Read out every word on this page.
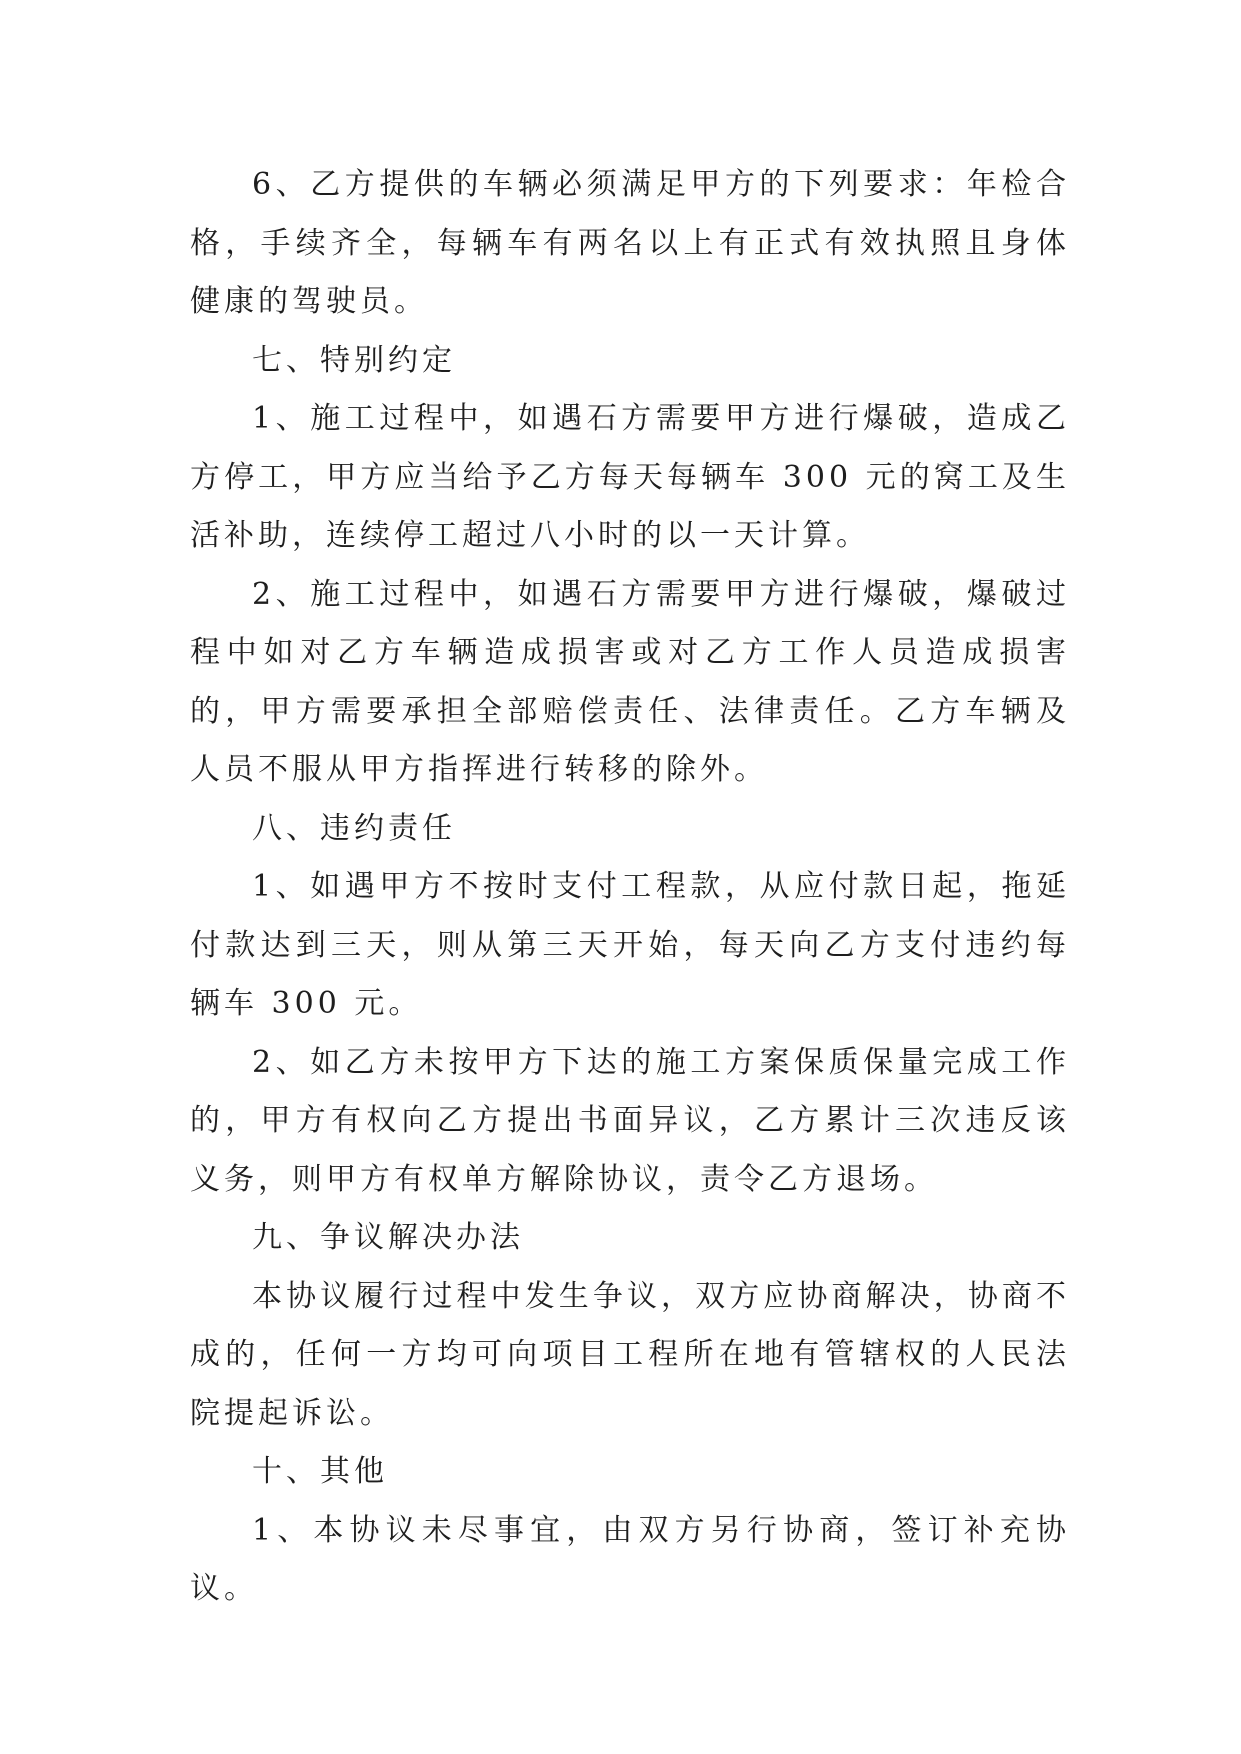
6、乙方提供的车辆必须满足甲方的下列要求：年检合格，手续齐全，每辆车有两名以上有正式有效执照且身体健康的驾驶员。

七、特别约定

1、施工过程中，如遇石方需要甲方进行爆破，造成乙方停工，甲方应当给予乙方每天每辆车 300 元的窝工及生活补助，连续停工超过八小时的以一天计算。

2、施工过程中，如遇石方需要甲方进行爆破，爆破过程中如对乙方车辆造成损害或对乙方工作人员造成损害的，甲方需要承担全部赔偿责任、法律责任。乙方车辆及人员不服从甲方指挥进行转移的除外。

八、违约责任

1、如遇甲方不按时支付工程款，从应付款日起，拖延付款达到三天，则从第三天开始，每天向乙方支付违约每辆车 300 元。

2、如乙方未按甲方下达的施工方案保质保量完成工作的，甲方有权向乙方提出书面异议，乙方累计三次违反该义务，则甲方有权单方解除协议，责令乙方退场。

九、争议解决办法

本协议履行过程中发生争议，双方应协商解决，协商不成的，任何一方均可向项目工程所在地有管辖权的人民法院提起诉讼。

十、其他

1、本协议未尽事宜，由双方另行协商，签订补充协议。
